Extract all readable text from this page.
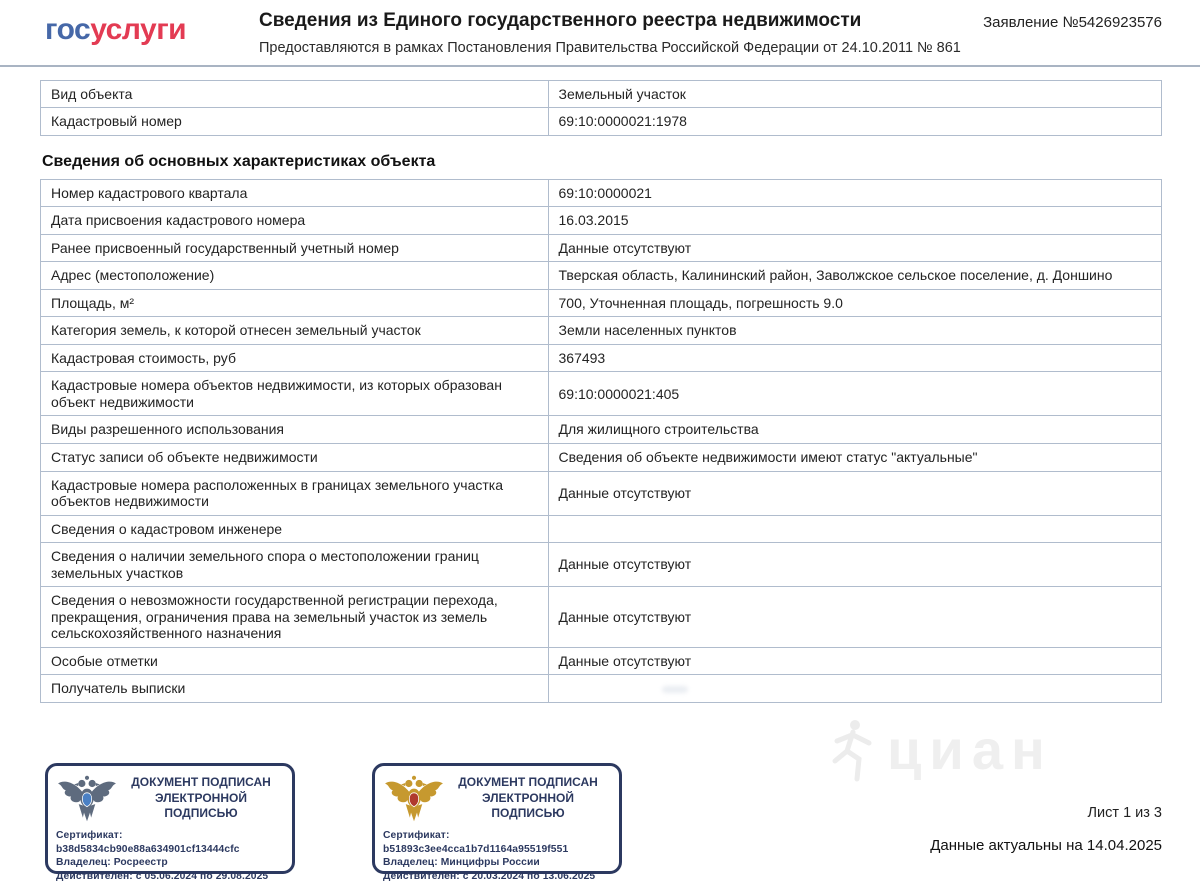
госуслуги	Сведения из Единого государственного реестра недвижимости
Предоставляются в рамках Постановления Правительства Российской Федерации от 24.10.2011 № 861
Заявление №5426923576
Вид объекта	Земельный участок
Кадастровый номер	69:10:0000021:1978
Сведения об основных характеристиках объекта
Номер кадастрового квартала	69:10:0000021
Дата присвоения кадастрового номера	16.03.2015
Ранее присвоенный государственный учетный номер	Данные отсутствуют
Адрес (местоположение)	Тверская область, Калининский район, Заволжское сельское поселение, д. Доншино
Площадь, м²	700, Уточненная площадь, погрешность 9.0
Категория земель, к которой отнесен земельный участок	Земли населенных пунктов
Кадастровая стоимость, руб	367493
Кадастровые номера объектов недвижимости, из которых образован объект недвижимости	69:10:0000021:405
Виды разрешенного использования	Для жилищного строительства
Статус записи об объекте недвижимости	Сведения об объекте недвижимости имеют статус "актуальные"
Кадастровые номера расположенных в границах земельного участка объектов недвижимости	Данные отсутствуют
Сведения о кадастровом инженере	
Сведения о наличии земельного спора о местоположении границ земельных участков	Данные отсутствуют
Сведения о невозможности государственной регистрации перехода, прекращения, ограничения права на земельный участок из земель сельскохозяйственного назначения	Данные отсутствуют
Особые отметки	Данные отсутствуют
Получатель выписки	
циан
ДОКУМЕНТ ПОДПИСАН ЭЛЕКТРОННОЙ ПОДПИСЬЮ
Сертификат: b38d5834cb90e88a634901cf13444cfc
Владелец: Росреестр
Действителен: с 05.06.2024 по 29.08.2025
ДОКУМЕНТ ПОДПИСАН ЭЛЕКТРОННОЙ ПОДПИСЬЮ
Сертификат: b51893c3ee4cca1b7d1164a95519f551
Владелец: Минцифры России
Действителен: с 20.03.2024 по 13.06.2025
Лист 1 из 3
Данные актуальны на 14.04.2025
